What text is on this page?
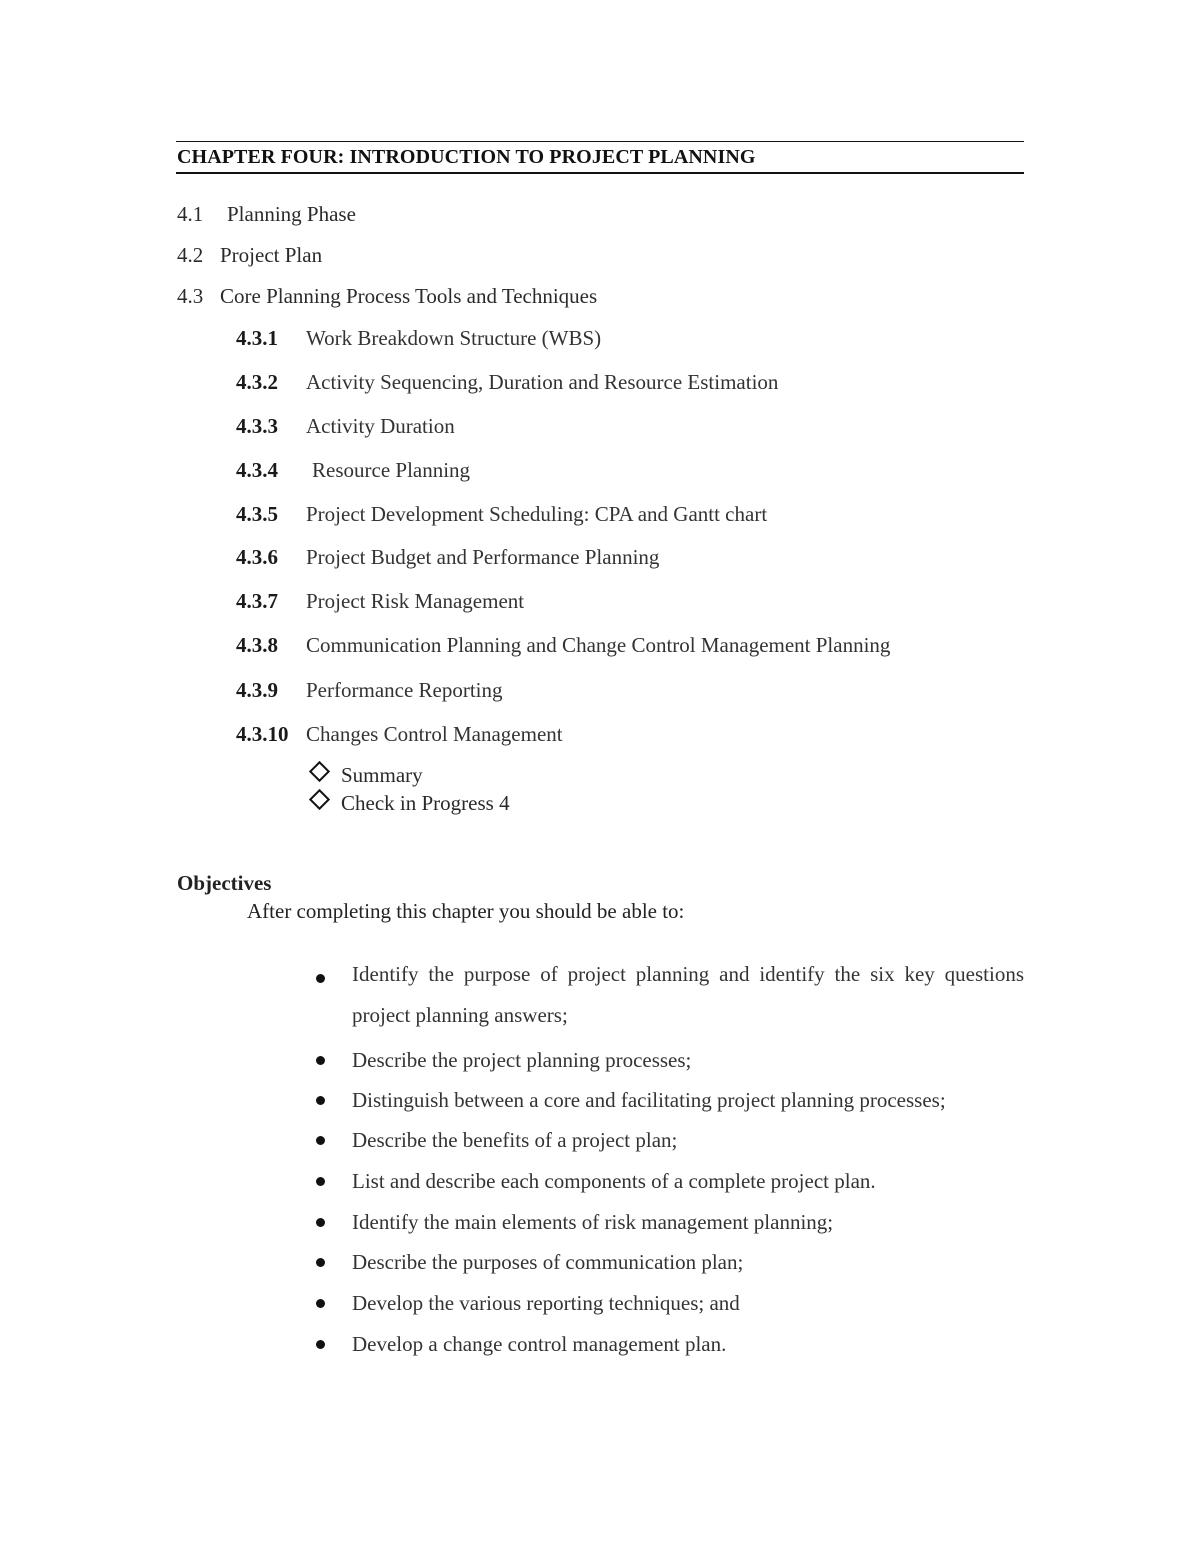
CHAPTER FOUR: INTRODUCTION TO PROJECT PLANNING
4.1 Planning Phase
4.2 Project Plan
4.3 Core Planning Process Tools and Techniques
4.3.1 Work Breakdown Structure (WBS)
4.3.2 Activity Sequencing, Duration and Resource Estimation
4.3.3 Activity Duration
4.3.4 Resource Planning
4.3.5 Project Development Scheduling: CPA and Gantt chart
4.3.6 Project Budget and Performance Planning
4.3.7 Project Risk Management
4.3.8 Communication Planning and Change Control Management Planning
4.3.9 Performance Reporting
4.3.10 Changes Control Management
Summary
Check in Progress 4
Objectives
After completing this chapter you should be able to:
Identify the purpose of project planning and identify the six key questions project planning answers;
Describe the project planning processes;
Distinguish between a core and facilitating project planning processes;
Describe the benefits of a project plan;
List and describe each components of a complete project plan.
Identify the main elements of risk management planning;
Describe the purposes of communication plan;
Develop the various reporting techniques; and
Develop a change control management plan.
